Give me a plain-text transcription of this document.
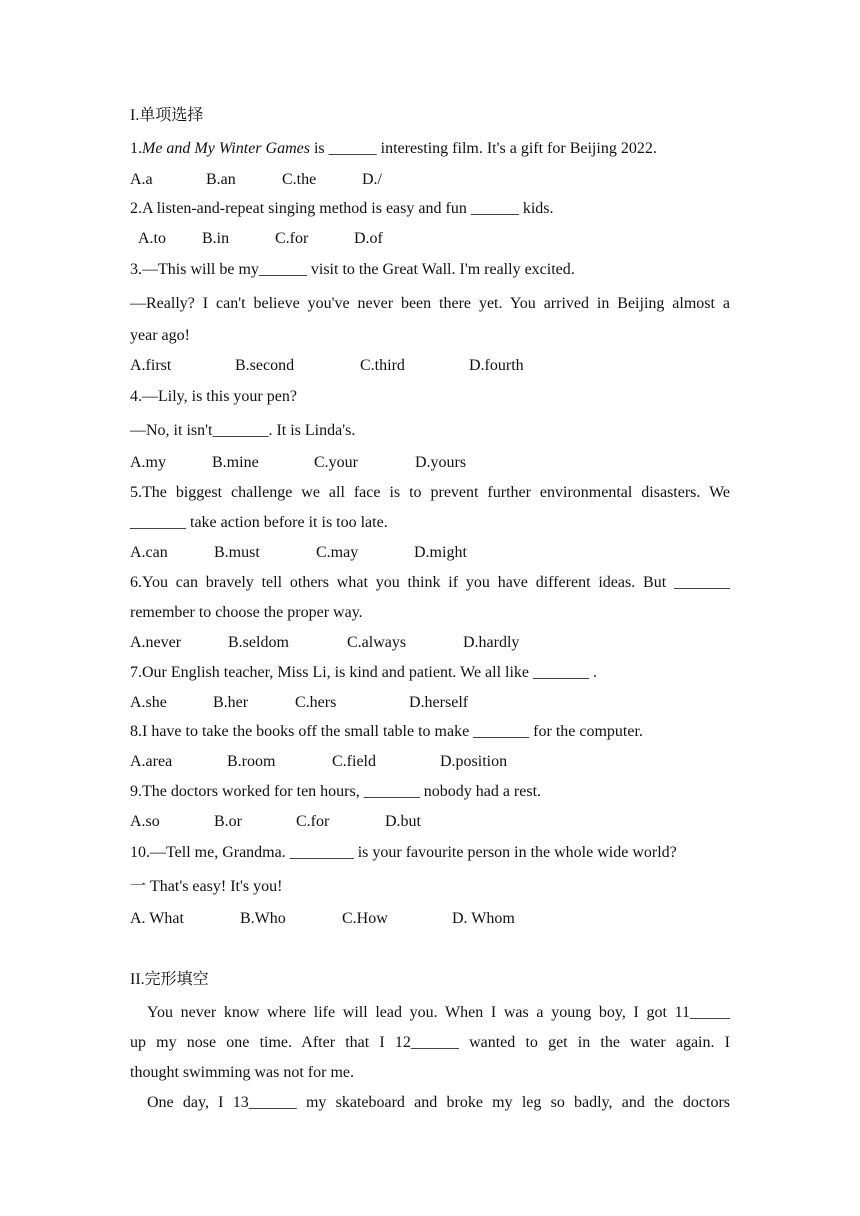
I.单项选择
1.Me and My Winter Games is ______ interesting film. It's a gift for Beijing 2022.
A.a	B.an	C.the	D./
2.A listen-and-repeat singing method is easy and fun ______ kids.
A.to B.in	C.for	D.of
3.—This will be my______ visit to the Great Wall. I'm really excited.
—Really? I can't believe you've never been there yet. You arrived in Beijing almost a
year ago!
A.first	B.second	C.third	D.fourth
4.—Lily, is this your pen?
—No, it isn't_______. It is Linda's.
A.my	B.mine	C.your	D.yours
5.The biggest challenge we all face is to prevent further environmental disasters. We
_______ take action before it is too late.
A.can	B.must	C.may	D.might
6.You can bravely tell others what you think if you have different ideas. But _______
remember to choose the proper way.
A.never	B.seldom	C.always	D.hardly
7.Our English teacher, Miss Li, is kind and patient. We all like _______ .
A.she	B.her	C.hers	D.herself
8.I have to take the books off the small table to make _______ for the computer.
A.area	B.room	C.field	D.position
9.The doctors worked for ten hours, _______ nobody had a rest.
A.so	B.or	C.for	D.but
10.—Tell me, Grandma. ________ is your favourite person in the whole wide world?
一 That's easy! It's you!
A. What	B.Who	C.How	D. Whom
II.完形填空
You never know where life will lead you. When I was a young boy, I got 11_____
up my nose one time. After that I 12______ wanted to get in the water again. I
thought swimming was not for me.
One day, I 13______ my skateboard and broke my leg so badly, and the doctors
